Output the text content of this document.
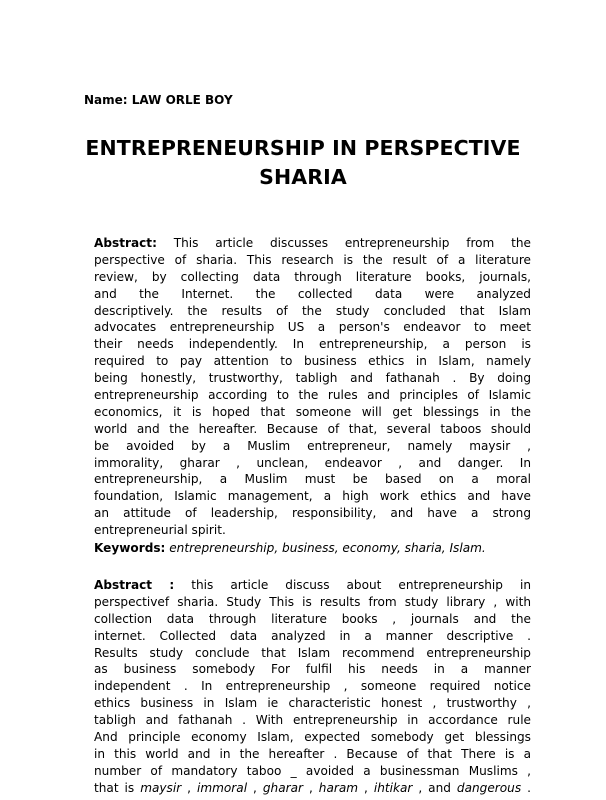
Name: LAW ORLE BOY
ENTREPRENEURSHIP IN PERSPECTIVE
SHARIA
Abstract: This article discusses entrepreneurship from the
perspective of sharia. This research is the result of a literature
review, by collecting data through literature books, journals,
and the Internet. the collected data were analyzed
descriptively. the results of the study concluded that Islam
advocates entrepreneurship US a person's endeavor to meet
their needs independently. In entrepreneurship, a person is
required to pay attention to business ethics in Islam, namely
being honestly, trustworthy, tabligh and fathanah . By doing
entrepreneurship according to the rules and principles of Islamic
economics, it is hoped that someone will get blessings in the
world and the hereafter. Because of that, several taboos should
be avoided by a Muslim entrepreneur, namely maysir ,
immorality, gharar , unclean, endeavor , and danger. In
entrepreneurship, a Muslim must be based on a moral
foundation, Islamic management, a high work ethics and have
an attitude of leadership, responsibility, and have a strong
entrepreneurial spirit.
Keywords: entrepreneurship, business, economy, sharia, Islam.
Abstract : this article discuss about entrepreneurship in
perspectivef sharia. Study This is results from study library , with
collection data through literature books , journals and the
internet. Collected data analyzed in a manner descriptive .
Results study conclude that Islam recommend entrepreneurship
as business somebody For fulfil his needs in a manner
independent . In entrepreneurship , someone required notice
ethics business in Islam ie characteristic honest , trustworthy ,
tabligh and fathanah . With entrepreneurship in accordance rule
And principle economy Islam, expected somebody get blessings
in this world and in the hereafter . Because of that There is a
number of mandatory taboo _ avoided a businessman Muslims ,
that is maysir , immoral , gharar , haram , ihtikar , and dangerous .
